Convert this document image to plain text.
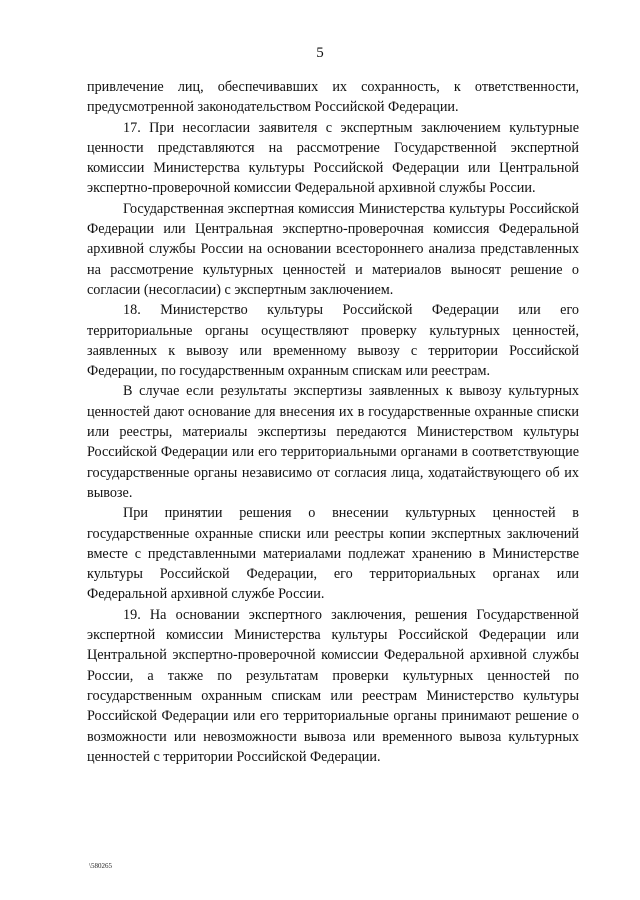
5

привлечение лиц, обеспечивавших их сохранность, к ответственности, предусмотренной законодательством Российской Федерации.

17. При несогласии заявителя с экспертным заключением культурные ценности представляются на рассмотрение Государственной экспертной комиссии Министерства культуры Российской Федерации или Центральной экспертно-проверочной комиссии Федеральной архивной службы России.

Государственная экспертная комиссия Министерства культуры Российской Федерации или Центральная экспертно-проверочная комиссия Федеральной архивной службы России на основании всестороннего анализа представленных на рассмотрение культурных ценностей и материалов выносят решение о согласии (несогласии) с экспертным заключением.

18. Министерство культуры Российской Федерации или его территориальные органы осуществляют проверку культурных ценностей, заявленных к вывозу или временному вывозу с территории Российской Федерации, по государственным охранным спискам или реестрам.

В случае если результаты экспертизы заявленных к вывозу культурных ценностей дают основание для внесения их в государственные охранные списки или реестры, материалы экспертизы передаются Министерством культуры Российской Федерации или его территориальными органами в соответствующие государственные органы независимо от согласия лица, ходатайствующего об их вывозе.

При принятии решения о внесении культурных ценностей в государственные охранные списки или реестры копии экспертных заключений вместе с представленными материалами подлежат хранению в Министерстве культуры Российской Федерации, его территориальных органах или Федеральной архивной службе России.

19. На основании экспертного заключения, решения Государственной экспертной комиссии Министерства культуры Российской Федерации или Центральной экспертно-проверочной комиссии Федеральной архивной службы России, а также по результатам проверки культурных ценностей по государственным охранным спискам или реестрам Министерство культуры Российской Федерации или его территориальные органы принимают решение о возможности или невозможности вывоза или временного вывоза культурных ценностей с территории Российской Федерации.

\580265
